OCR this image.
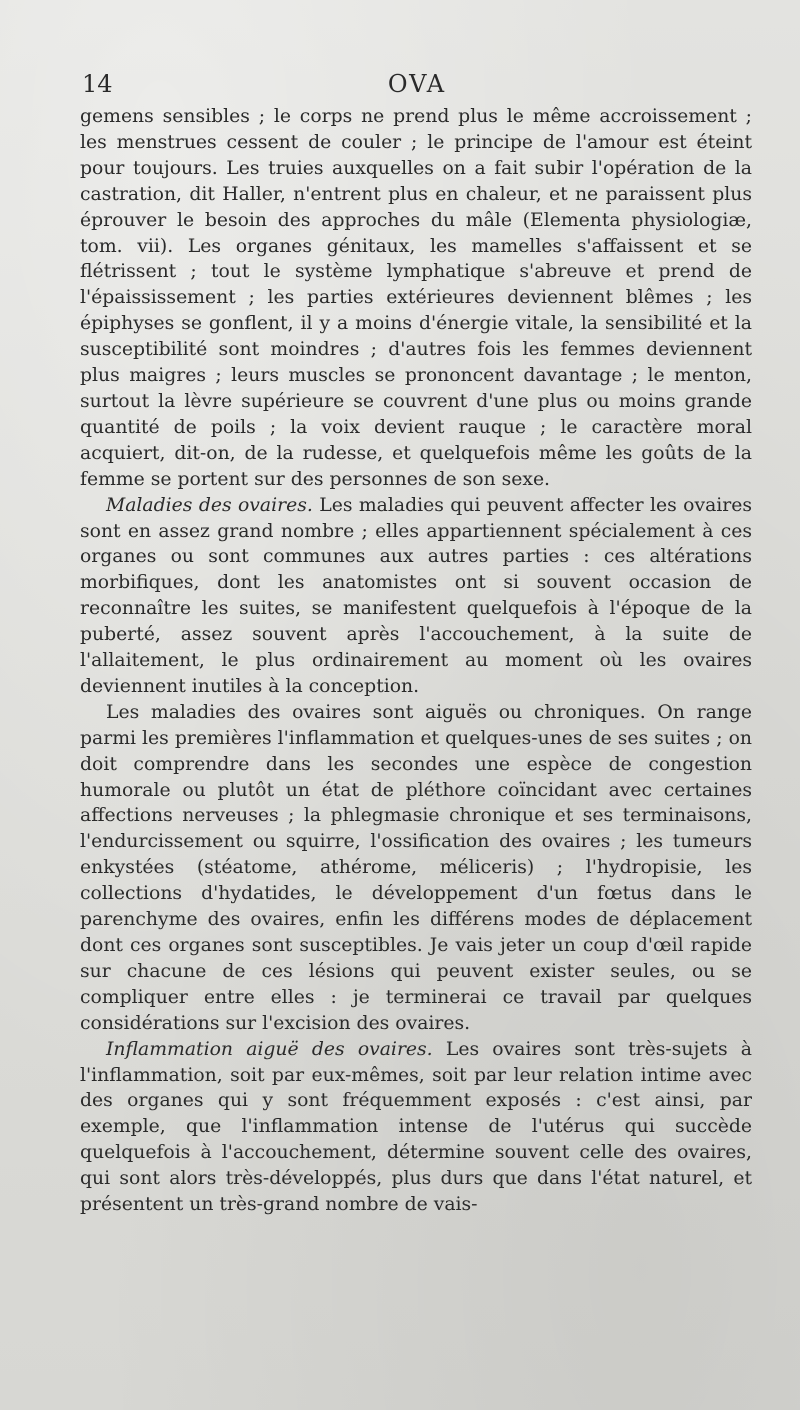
14	OVA

gemens sensibles ; le corps ne prend plus le même accroissement ; les menstrues cessent de couler ; le principe de l'amour est éteint pour toujours. Les truies auxquelles on a fait subir l'opération de la castration, dit Haller, n'entrent plus en chaleur, et ne paraissent plus éprouver le besoin des approches du mâle (Elementa physiologiæ, tom. vii). Les organes génitaux, les mamelles s'affaissent et se flétrissent ; tout le système lymphatique s'abreuve et prend de l'épaississement ; les parties extérieures deviennent blêmes ; les épiphyses se gonflent, il y a moins d'énergie vitale, la sensibilité et la susceptibilité sont moindres ; d'autres fois les femmes deviennent plus maigres ; leurs muscles se prononcent davantage ; le menton, surtout la lèvre supérieure se couvrent d'une plus ou moins grande quantité de poils ; la voix devient rauque ; le caractère moral acquiert, dit-on, de la rudesse, et quelquefois même les goûts de la femme se portent sur des personnes de son sexe.

Maladies des ovaires. Les maladies qui peuvent affecter les ovaires sont en assez grand nombre ; elles appartiennent spécialement à ces organes ou sont communes aux autres parties : ces altérations morbifiques, dont les anatomistes ont si souvent occasion de reconnaître les suites, se manifestent quelquefois à l'époque de la puberté, assez souvent après l'accouchement, à la suite de l'allaitement, le plus ordinairement au moment où les ovaires deviennent inutiles à la conception.

Les maladies des ovaires sont aiguës ou chroniques. On range parmi les premières l'inflammation et quelques-unes de ses suites ; on doit comprendre dans les secondes une espèce de congestion humorale ou plutôt un état de pléthore coïncidant avec certaines affections nerveuses ; la phlegmasie chronique et ses terminaisons, l'endurcissement ou squirre, l'ossification des ovaires ; les tumeurs enkystées (stéatome, athérome, méliceris) ; l'hydropisie, les collections d'hydatides, le développement d'un fœtus dans le parenchyme des ovaires, enfin les différens modes de déplacement dont ces organes sont susceptibles. Je vais jeter un coup d'œil rapide sur chacune de ces lésions qui peuvent exister seules, ou se compliquer entre elles : je terminerai ce travail par quelques considérations sur l'excision des ovaires.

Inflammation aiguë des ovaires. Les ovaires sont très-sujets à l'inflammation, soit par eux-mêmes, soit par leur relation intime avec des organes qui y sont fréquemment exposés : c'est ainsi, par exemple, que l'inflammation intense de l'utérus qui succède quelquefois à l'accouchement, détermine souvent celle des ovaires, qui sont alors très-développés, plus durs que dans l'état naturel, et présentent un très-grand nombre de vais-
